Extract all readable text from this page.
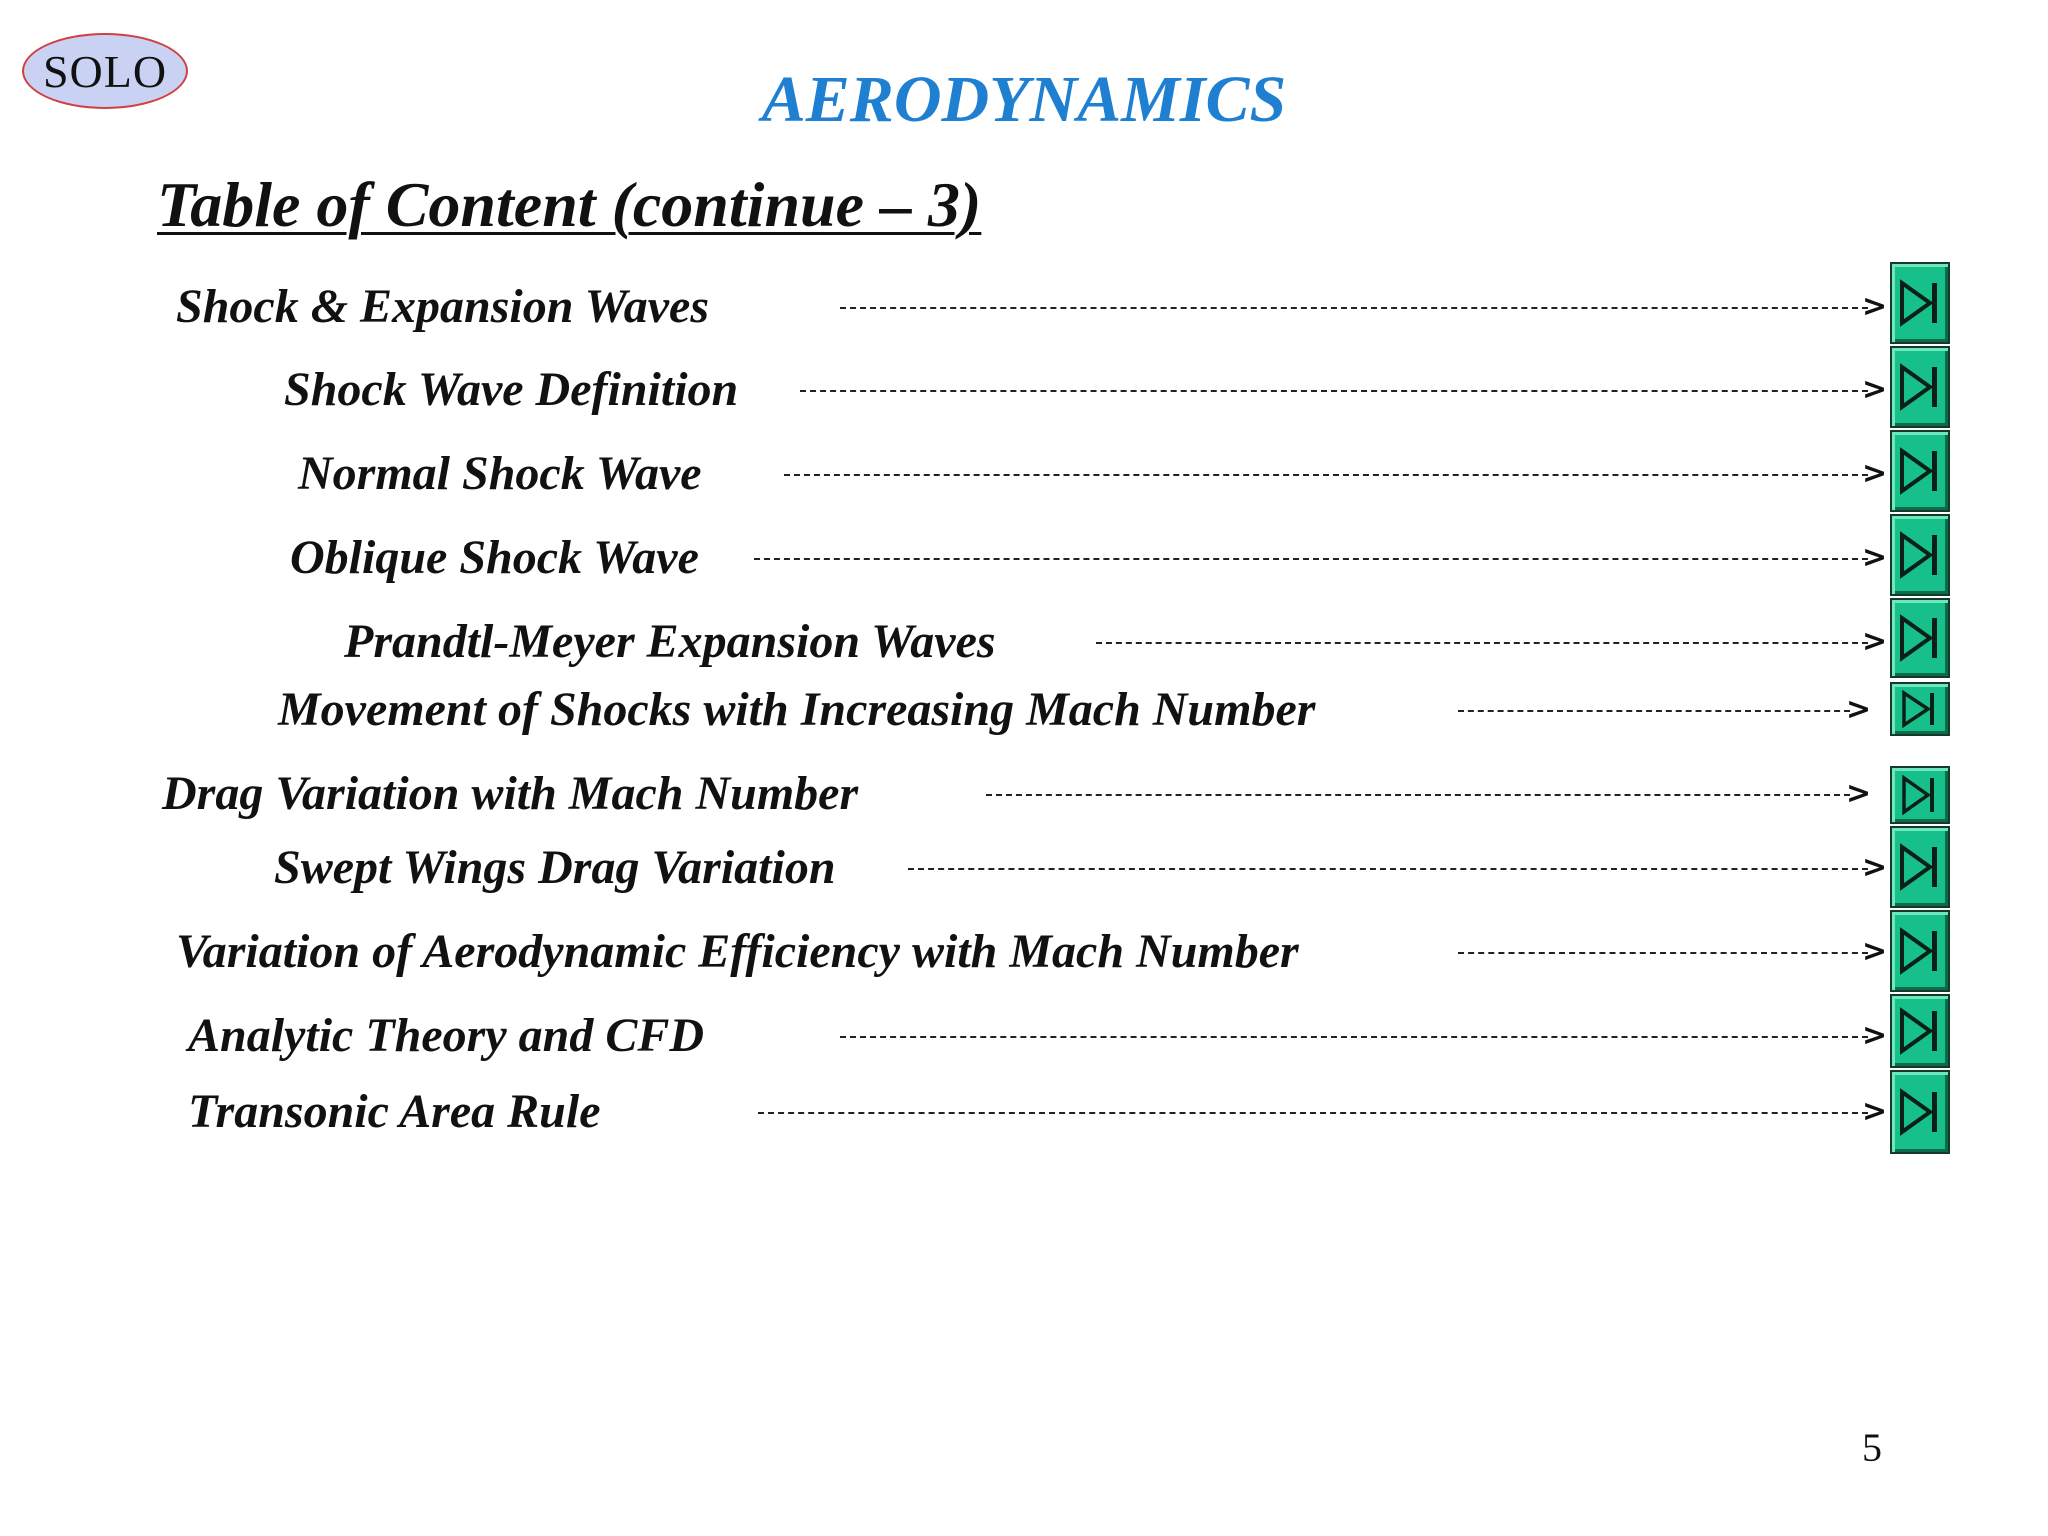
SOLO	AERODYNAMICS
Table of Content (continue – 3)
Shock & Expansion Waves	>
Shock Wave Definition	>
Normal Shock Wave	>
Oblique Shock Wave	>
Prandtl-Meyer Expansion Waves	>
Movement of Shocks with Increasing Mach Number	>
Drag Variation with Mach Number	>
Swept Wings Drag Variation	>
Variation of Aerodynamic Efficiency with Mach Number	>
Analytic Theory and CFD	>
Transonic Area Rule	>
5
